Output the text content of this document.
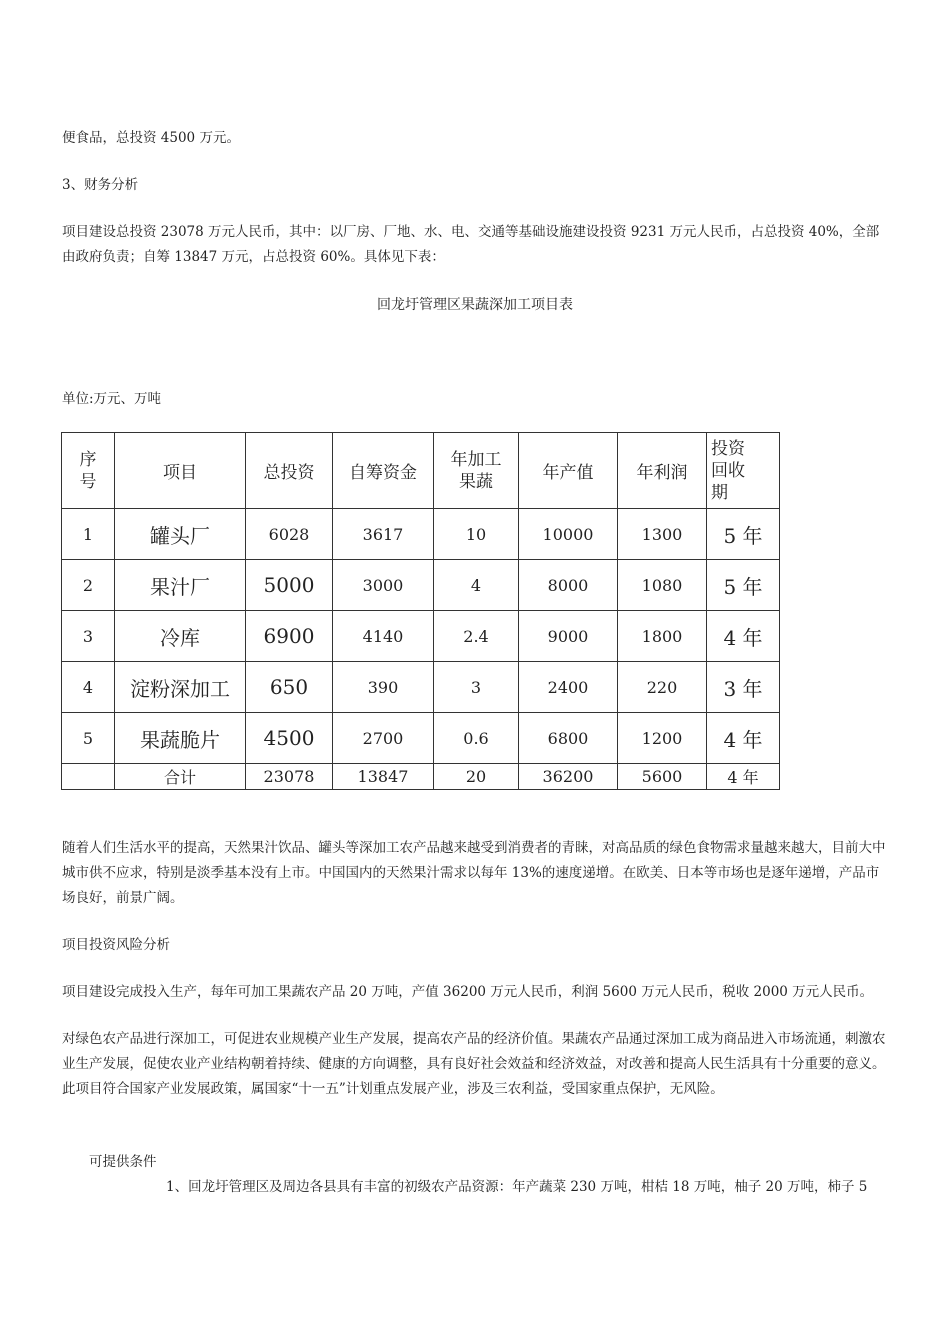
便食品，总投资 4500 万元。

3、财务分析

项目建设总投资 23078 万元人民币，其中：以厂房、厂地、水、电、交通等基础设施建设投资 9231 万元人民币，占总投资 40%，全部由政府负责；自筹 13847 万元，占总投资 60%。具体见下表：

回龙圩管理区果蔬深加工项目表

单位:万元、万吨

序号	项目	总投资	自筹资金	年加工果蔬	年产值	年利润	投资回收期
1	罐头厂	6028	3617	10	10000	1300	5 年
2	果汁厂	5000	3000	4	8000	1080	5 年
3	冷库	6900	4140	2.4	9000	1800	4 年
4	淀粉深加工	650	390	3	2400	220	3 年
5	果蔬脆片	4500	2700	0.6	6800	1200	4 年
	合计	23078	13847	20	36200	5600	4 年

随着人们生活水平的提高，天然果汁饮品、罐头等深加工农产品越来越受到消费者的青睐，对高品质的绿色食物需求量越来越大，目前大中城市供不应求，特别是淡季基本没有上市。中国国内的天然果汁需求以每年 13%的速度递增。在欧美、日本等市场也是逐年递增，产品市场良好，前景广阔。

项目投资风险分析

项目建设完成投入生产，每年可加工果蔬农产品 20 万吨，产值 36200 万元人民币，利润 5600 万元人民币，税收 2000 万元人民币。

对绿色农产品进行深加工，可促进农业规模产业生产发展，提高农产品的经济价值。果蔬农产品通过深加工成为商品进入市场流通，刺激农业生产发展，促使农业产业结构朝着持续、健康的方向调整，具有良好社会效益和经济效益，对改善和提高人民生活具有十分重要的意义。此项目符合国家产业发展政策，属国家“十一五”计划重点发展产业，涉及三农利益，受国家重点保护，无风险。

可提供条件

1、回龙圩管理区及周边各县具有丰富的初级农产品资源：年产蔬菜 230 万吨，柑桔 18 万吨，柚子 20 万吨，柿子 5
